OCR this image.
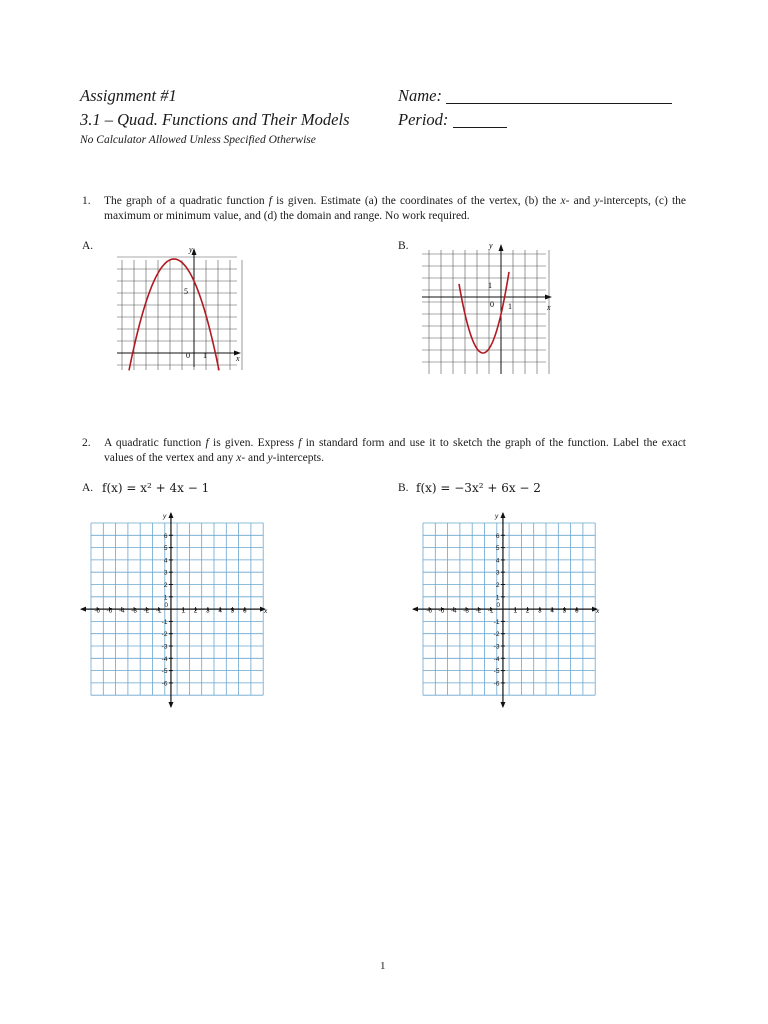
Assignment #1
3.1 – Quad. Functions and Their Models
No Calculator Allowed Unless Specified Otherwise
Name:
Period:
1. The graph of a quadratic function f is given. Estimate (a) the coordinates of the vertex, (b) the x- and y-intercepts, (c) the maximum or minimum value, and (d) the domain and range. No work required.
A.	B.
y
x
0 1
5
y
x
0 1
1
2. A quadratic function f is given. Express f in standard form and use it to sketch the graph of the function. Label the exact values of the vertex and any x- and y-intercepts.
A. f(x) = x² + 4x − 1	B. f(x) = −3x² + 6x − 2
-6 -5 -4 -3 -2 -1	1 2 3 4 5 6
6
5
4
3
2
1
-1
-2
-3
-4
-5
-6
0
x
y
-6 -5 -4 -3 -2 -1	1 2 3 4 5 6
6
5
4
3
2
1
-1
-2
-3
-4
-5
-6
0
x
y
1
